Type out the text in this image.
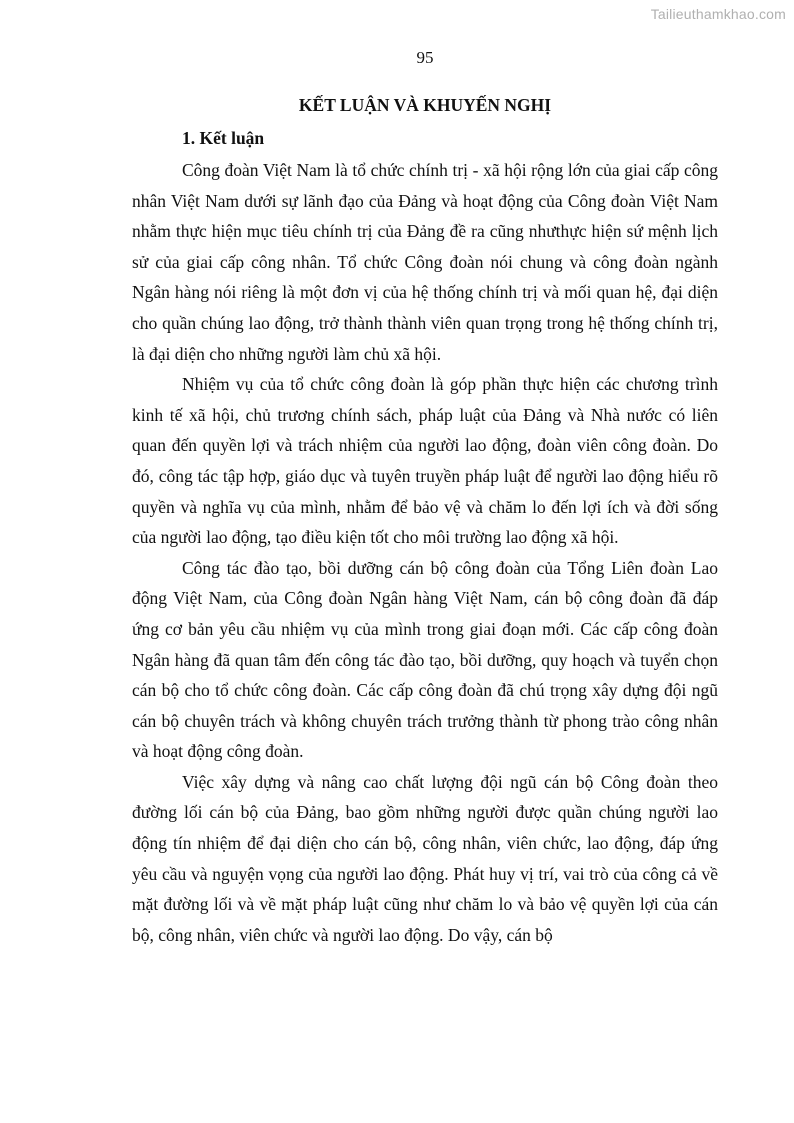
Tailieuthamkhao.com
95
KẾT LUẬN VÀ KHUYẾN NGHỊ
1. Kết luận

Công đoàn Việt Nam là tổ chức chính trị - xã hội rộng lớn của giai cấp công nhân Việt Nam dưới sự lãnh đạo của Đảng và hoạt động của Công đoàn Việt Nam nhằm thực hiện mục tiêu chính trị của Đảng đề ra cũng nhưthực hiện sứ mệnh lịch sử của giai cấp công nhân. Tổ chức Công đoàn nói chung và công đoàn ngành Ngân hàng nói riêng là một đơn vị của hệ thống chính trị và mối quan hệ, đại diện cho quần chúng lao động, trở thành thành viên quan trọng trong hệ thống chính trị, là đại diện cho những người làm chủ xã hội.

Nhiệm vụ của tổ chức công đoàn là góp phần thực hiện các chương trình kinh tế xã hội, chủ trương chính sách, pháp luật của Đảng và Nhà nước có liên quan đến quyền lợi và trách nhiệm của người lao động, đoàn viên công đoàn. Do đó, công tác tập hợp, giáo dục và tuyên truyền pháp luật để người lao động hiểu rõ quyền và nghĩa vụ của mình, nhằm để bảo vệ và chăm lo đến lợi ích và đời sống của người lao động, tạo điều kiện tốt cho môi trường lao động xã hội.

Công tác đào tạo, bồi dưỡng cán bộ công đoàn của Tổng Liên đoàn Lao động Việt Nam, của Công đoàn Ngân hàng Việt Nam, cán bộ công đoàn đã đáp ứng cơ bản yêu cầu nhiệm vụ của mình trong giai đoạn mới. Các cấp công đoàn Ngân hàng đã quan tâm đến công tác đào tạo, bồi dưỡng, quy hoạch và tuyển chọn cán bộ cho tổ chức công đoàn. Các cấp công đoàn đã chú trọng xây dựng đội ngũ cán bộ chuyên trách và không chuyên trách trưởng thành từ phong trào công nhân và hoạt động công đoàn.

Việc xây dựng và nâng cao chất lượng đội ngũ cán bộ Công đoàn theo đường lối cán bộ của Đảng, bao gồm những người được quần chúng người lao động tín nhiệm để đại diện cho cán bộ, công nhân, viên chức, lao động, đáp ứng yêu cầu và nguyện vọng của người lao động. Phát huy vị trí, vai trò của công cả về mặt đường lối và về mặt pháp luật cũng như chăm lo và bảo vệ quyền lợi của cán bộ, công nhân, viên chức và người lao động. Do vậy, cán bộ
